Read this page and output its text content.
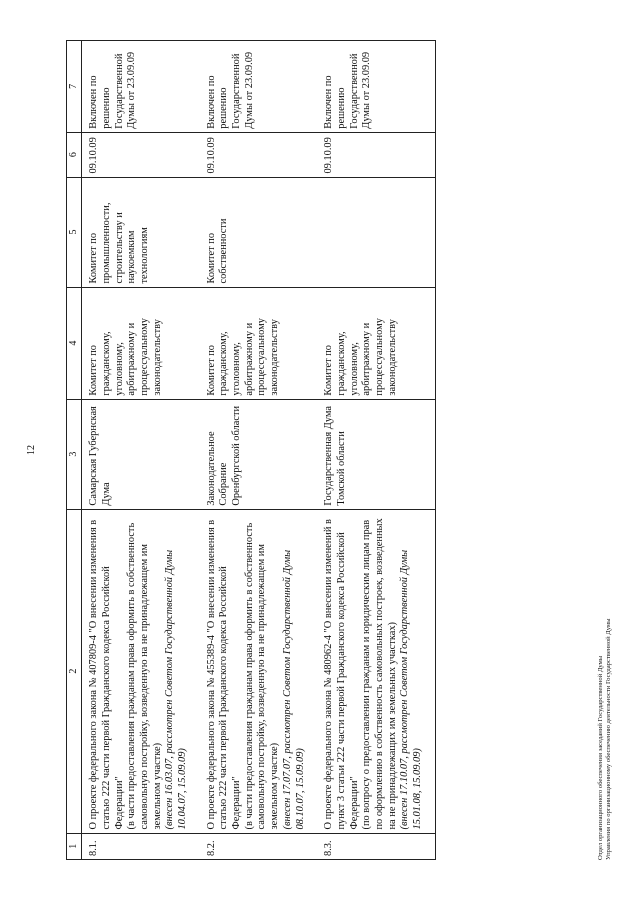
12
1	2	3	4	5	6	7
8.1.	О проекте федерального закона № 407809-4 "О внесении изменения в статью 222 части первой Гражданского кодекса Российской Федерации" (в части предоставления гражданам права оформить в собственность самовольную постройку, возведенную на не принадлежащем им земельном участке) (внесен 16.03.07, рассмотрен Советом Государственной Думы 10.04.07, 15.09.09)	Самарская Губернская Дума	Комитет по гражданскому, уголовному, арбитражному и процессуальному законодательству	Комитет по промышленности, строительству и наукоемким технологиям	09.10.09	Включен по решению Государственной Думы от 23.09.09

8.2.	О проекте федерального закона № 455389-4 "О внесении изменения в статью 222 части первой Гражданского кодекса Российской Федерации" (в части предоставления гражданам права оформить в собственность самовольную постройку, возведенную на не принадлежащем им земельном участке) (внесен 17.07.07, рассмотрен Советом Государственной Думы 08.10.07, 15.09.09)	Законодательное Собрание Оренбургской области	Комитет по гражданскому, уголовному, арбитражному и процессуальному законодательству	Комитет по собственности	09.10.09	Включен по решению Государственной Думы от 23.09.09

8.3.	О проекте федерального закона № 480962-4 "О внесении изменений в пункт 3 статьи 222 части первой Гражданского кодекса Российской Федерации" (по вопросу о предоставлении гражданам и юридическим лицам прав по оформлению в собственность самовольных построек, возведенных на не принадлежащих им земельных участках) (внесен 17.10.07, рассмотрен Советом Государственной Думы 15.01.08, 15.09.09)	Государственная Дума Томской области	Комитет по гражданскому, уголовному, арбитражному и процессуальному законодательству		09.10.09	Включен по решению Государственной Думы от 23.09.09
Отдел организационного обеспечения заседаний Государственной Думы Управления по организационному обеспечению деятельности Государственной Думы
